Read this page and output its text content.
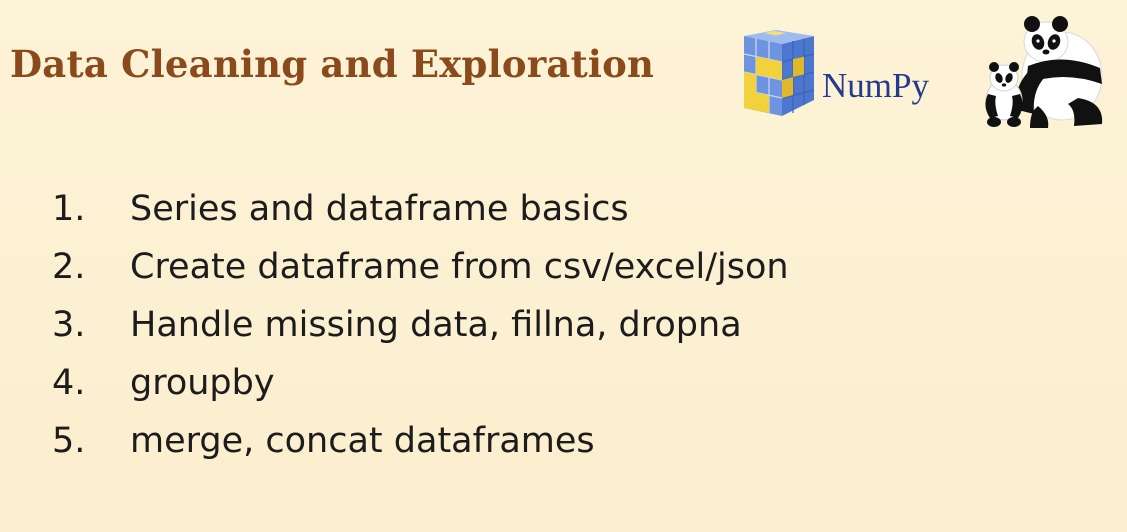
Data Cleaning and Exploration	NumPy
1.	Series and dataframe basics
2.	Create dataframe from csv/excel/json
3.	Handle missing data, fillna, dropna
4.	groupby
5.	merge, concat dataframes
